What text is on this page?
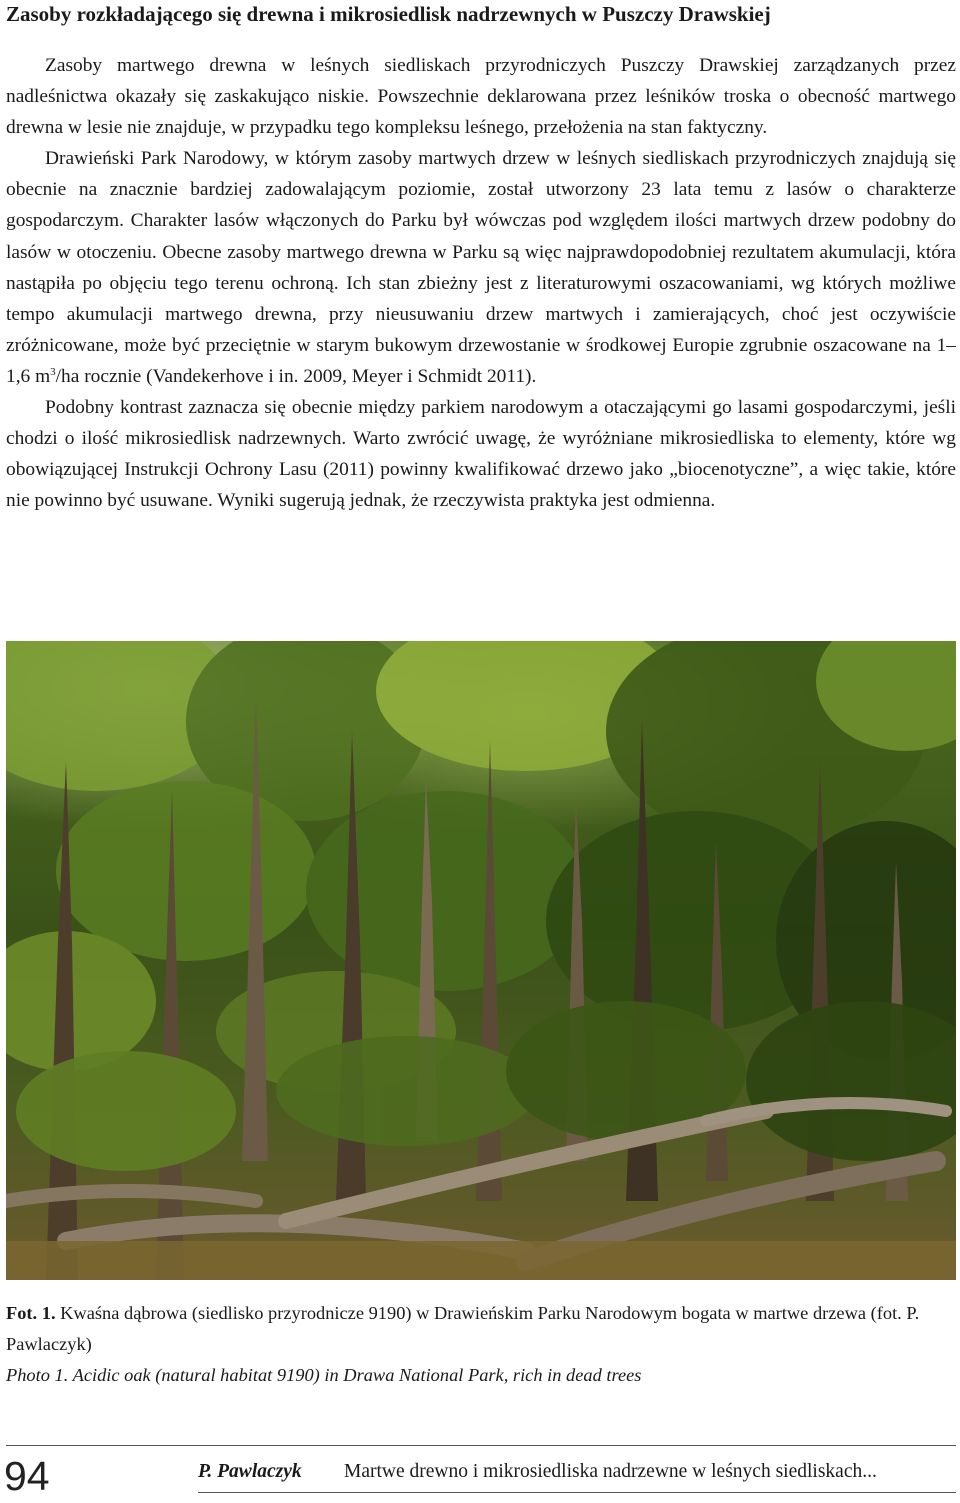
Zasoby rozkładającego się drewna i mikrosiedlisk nadrzewnych w Puszczy Drawskiej

Zasoby martwego drewna w leśnych siedliskach przyrodniczych Puszczy Drawskiej zarządzanych przez nadleśnictwa okazały się zaskakująco niskie. Powszechnie deklarowana przez leśników troska o obecność martwego drewna w lesie nie znajduje, w przypadku tego kompleksu leśnego, przełożenia na stan faktyczny.

Drawieński Park Narodowy, w którym zasoby martwych drzew w leśnych siedliskach przyrodniczych znajdują się obecnie na znacznie bardziej zadowalającym poziomie, został utworzony 23 lata temu z lasów o charakterze gospodarczym. Charakter lasów włączonych do Parku był wówczas pod względem ilości martwych drzew podobny do lasów w otoczeniu. Obecne zasoby martwego drewna w Parku są więc najprawdopodobniej rezultatem akumulacji, która nastąpiła po objęciu tego terenu ochroną. Ich stan zbieżny jest z literaturowymi oszacowaniami, wg których możliwe tempo akumulacji martwego drewna, przy nieusuwaniu drzew martwych i zamierających, choć jest oczywiście zróżnicowane, może być przeciętnie w starym bukowym drzewostanie w środkowej Europie zgrubnie oszacowane na 1–1,6 $m^3/ha$ rocznie (Vandekerhove i in. 2009, Meyer i Schmidt 2011).

Podobny kontrast zaznacza się obecnie między parkiem narodowym a otaczającymi go lasami gospodarczymi, jeśli chodzi o ilość mikrosiedlisk nadrzewnych. Warto zwrócić uwagę, że wyróżniane mikrosiedliska to elementy, które wg obowiązującej Instrukcji Ochrony Lasu (2011) powinny kwalifikować drzewo jako „biocenotyczne”, a więc takie, które nie powinno być usuwane. Wyniki sugerują jednak, że rzeczywista praktyka jest odmienna.

Fot. 1. Kwaśna dąbrowa (siedlisko przyrodnicze 9190) w Drawieńskim Parku Narodowym bogata w martwe drzewa (fot. P. Pawlaczyk)
Photo 1. Acidic oak (natural habitat 9190) in Drawa National Park, rich in dead trees
94	P. Pawlaczyk Martwe drewno i mikrosiedliska nadrzewne w leśnych siedliskach...
